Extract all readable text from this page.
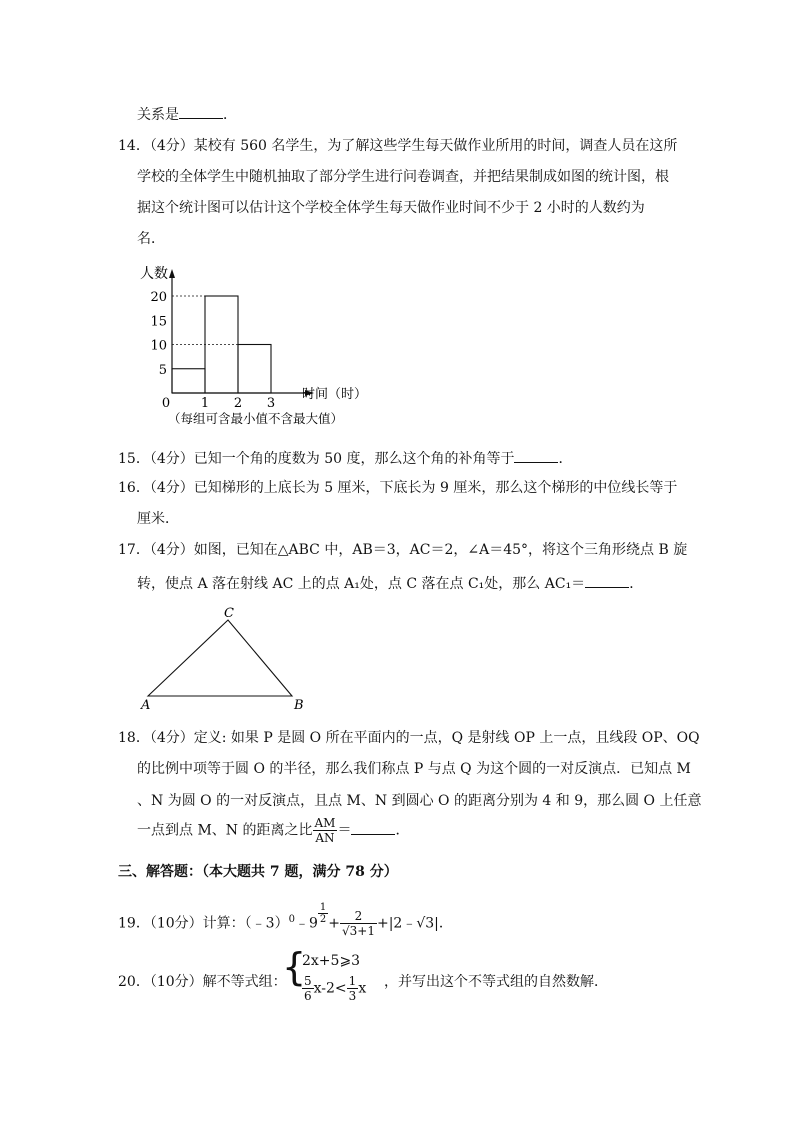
关系是	．
14．（4分）某校有 560 名学生，为了解这些学生每天做作业所用的时间，调查人员在这所
学校的全体学生中随机抽取了部分学生进行问卷调查，并把结果制成如图的统计图，根
据这个统计图可以估计这个学校全体学生每天做作业时间不少于 2 小时的人数约为
名．
5
10
15
20
0 1 2 3
人数
时间（时）
（每组可含最小值不含最大值）
15．（4分）已知一个角的度数为 50 度，那么这个角的补角等于	．
16．（4分）已知梯形的上底长为 5 厘米，下底长为 9 厘米，那么这个梯形的中位线长等于
厘米．
17．（4分）如图，已知在△ABC 中，AB＝3，AC＝2，∠A＝45°，将这个三角形绕点 B 旋
转，使点 A 落在射线 AC 上的点 A₁处，点 C 落在点 C₁处，那么 AC₁＝	．
A	B
C
18．（4分）定义: 如果 P 是圆 O 所在平面内的一点，Q 是射线 OP 上一点，且线段 OP、OQ
的比例中项等于圆 O 的半径，那么我们称点 P 与点 Q 为这个圆的一对反演点．已知点 M
、N 为圆 O 的一对反演点，且点 M、N 到圆心 O 的距离分别为 4 和 9，那么圆 O 上任意
一点到点 M、N 的距离之比 $\frac{AM}{AN}$ ＝	．
三、解答题：（本大题共 7 题，满分 78 分）
19．（10分）计算：（﹣3）$^0$﹣9 $\frac{1}{2} + \frac{2}{√3+1}$ +|2﹣√3|．
20．（10分）解不等式组：
{
2x+5⩾3
$\frac{5}{6} x-2< \frac{1}{3}$ x ，并写出这个不等式组的自然数解．
